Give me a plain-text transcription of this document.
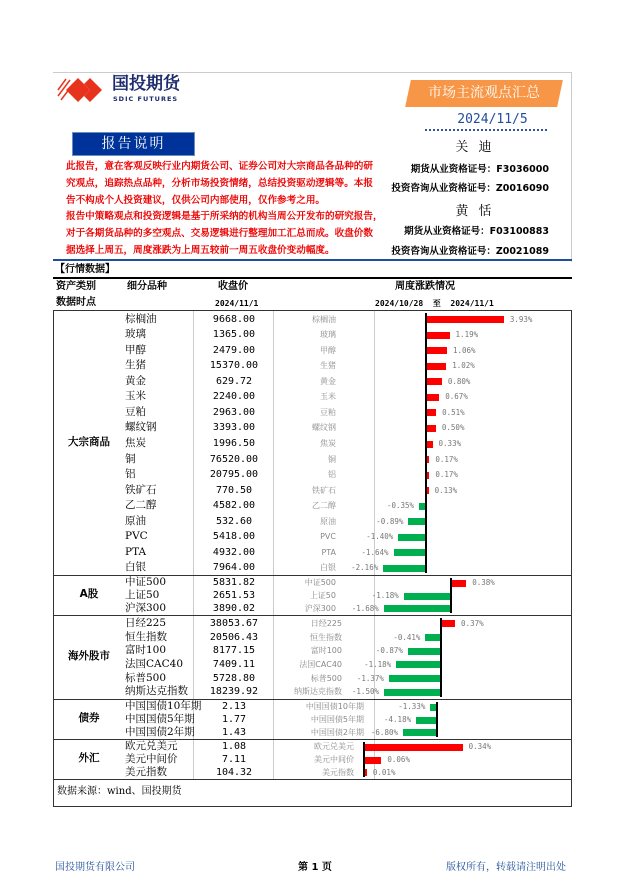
国投期货
SDIC FUTURES	市场主流观点汇总
2024/11/5
报告说明
此报告，意在客观反映行业内期货公司、证券公司对大宗商品各品种的研
究观点，追踪热点品种，分析市场投资情绪，总结投资驱动逻辑等。本报
告不构成个人投资建议，仅供公司内部使用，仅作参考之用。
报告中策略观点和投资逻辑是基于所采纳的机构当周公开发布的研究报告，
对于各期货品种的多空观点、交易逻辑进行整理加工汇总而成。收盘价数
据选择上周五，周度涨跌为上周五较前一周五收盘价变动幅度。
关 迪
期货从业资格证号：F3036000
投资咨询从业资格证号：Z0016090
黄 恬
期货从业资格证号：F03100883
投资咨询从业资格证号：Z0021089
【行情数据】
资产类别	细分品种	收盘价	周度涨跌情况
数据时点	2024/11/1	2024/10/28  至  2024/11/1
大宗商品
棕榈油	9668.00	棕榈油	3.93%
玻璃	1365.00	玻璃	1.19%
甲醇	2479.00	甲醇	1.06%
生猪	15370.00	生猪	1.02%
黄金	629.72	黄金	0.80%
玉米	2240.00	玉米	0.67%
豆粕	2963.00	豆粕	0.51%
螺纹钢	3393.00	螺纹钢	0.50%
焦炭	1996.50	焦炭	0.33%
铜	76520.00	铜	0.17%
铝	20795.00	铝	0.17%
铁矿石	770.50	铁矿石	0.13%
乙二醇	4582.00	乙二醇	-0.35%
原油	532.60	原油	-0.89%
PVC	5418.00	PVC	-1.40%
PTA	4932.00	PTA	-1.64%
白银	7964.00	白银 -2.16%
A股
中证500	5831.82	中证500	0.38%
上证50	2651.53	上证50	-1.18%
沪深300	3890.02	沪深300 -1.68%
海外股市
日经225	38053.67	日经225	0.37%
恒生指数	20506.43	恒生指数	-0.41%
富时100	8177.15	富时100	-0.87%
法国CAC40	7409.11	法国CAC40	-1.18%
标普500	5728.80	标普500 -1.37%
纳斯达克指数	18239.92	纳斯达克指数 -1.50%
债券
中国国债10年期	2.13	中国国债10年期	-1.33%
中国国债5年期	1.77	中国国债5年期	-4.18%
中国国债2年期	1.43	中国国债2年期 -6.80%
外汇
欧元兑美元	1.08	欧元兑美元	0.34%
美元中间价	7.11	美元中间价	0.06%
美元指数	104.32	美元指数	0.01%
数据来源：wind、国投期货
国投期货有限公司	第 1 页	版权所有，转载请注明出处
